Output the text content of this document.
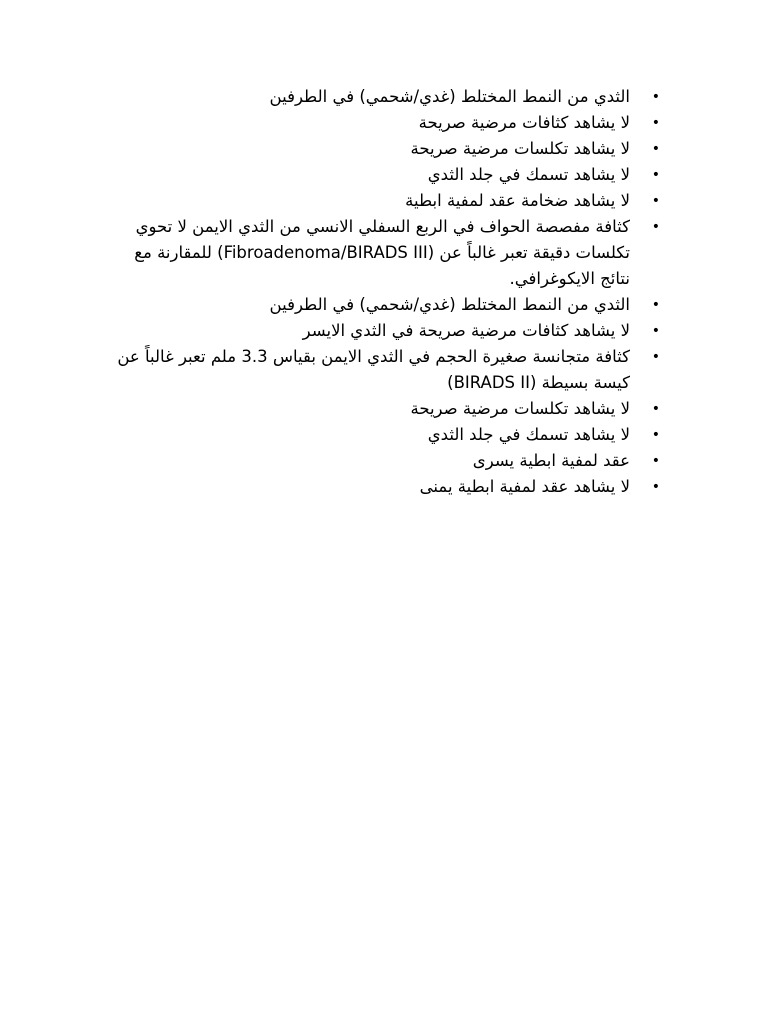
•
الثدي من النمط المختلط (غدي/شحمي) في الطرفين
•
لا يشاهد كثافات مرضية صريحة
•
لا يشاهد تكلسات مرضية صريحة
•
لا يشاهد تسمك في جلد الثدي
•
لا يشاهد ضخامة عقد لمفية ابطية
•
كثافة مفصصة الحواف في الربع السفلي الانسي من الثدي الايمن لا تحوي تكلسات دقيقة تعبر غالباً عن (Fibroadenoma/BIRADS III) للمقارنة مع نتائج الايكوغرافي.
•
الثدي من النمط المختلط (غدي/شحمي) في الطرفين
•
لا يشاهد كثافات مرضية صريحة في الثدي الايسر
•
كثافة متجانسة صغيرة الحجم في الثدي الايمن بقياس 3.3 ملم تعبر غالباً عن كيسة بسيطة (BIRADS II)
•
لا يشاهد تكلسات مرضية صريحة
•
لا يشاهد تسمك في جلد الثدي
•
عقد لمفية ابطية يسرى
•
لا يشاهد عقد لمفية ابطية يمنى
